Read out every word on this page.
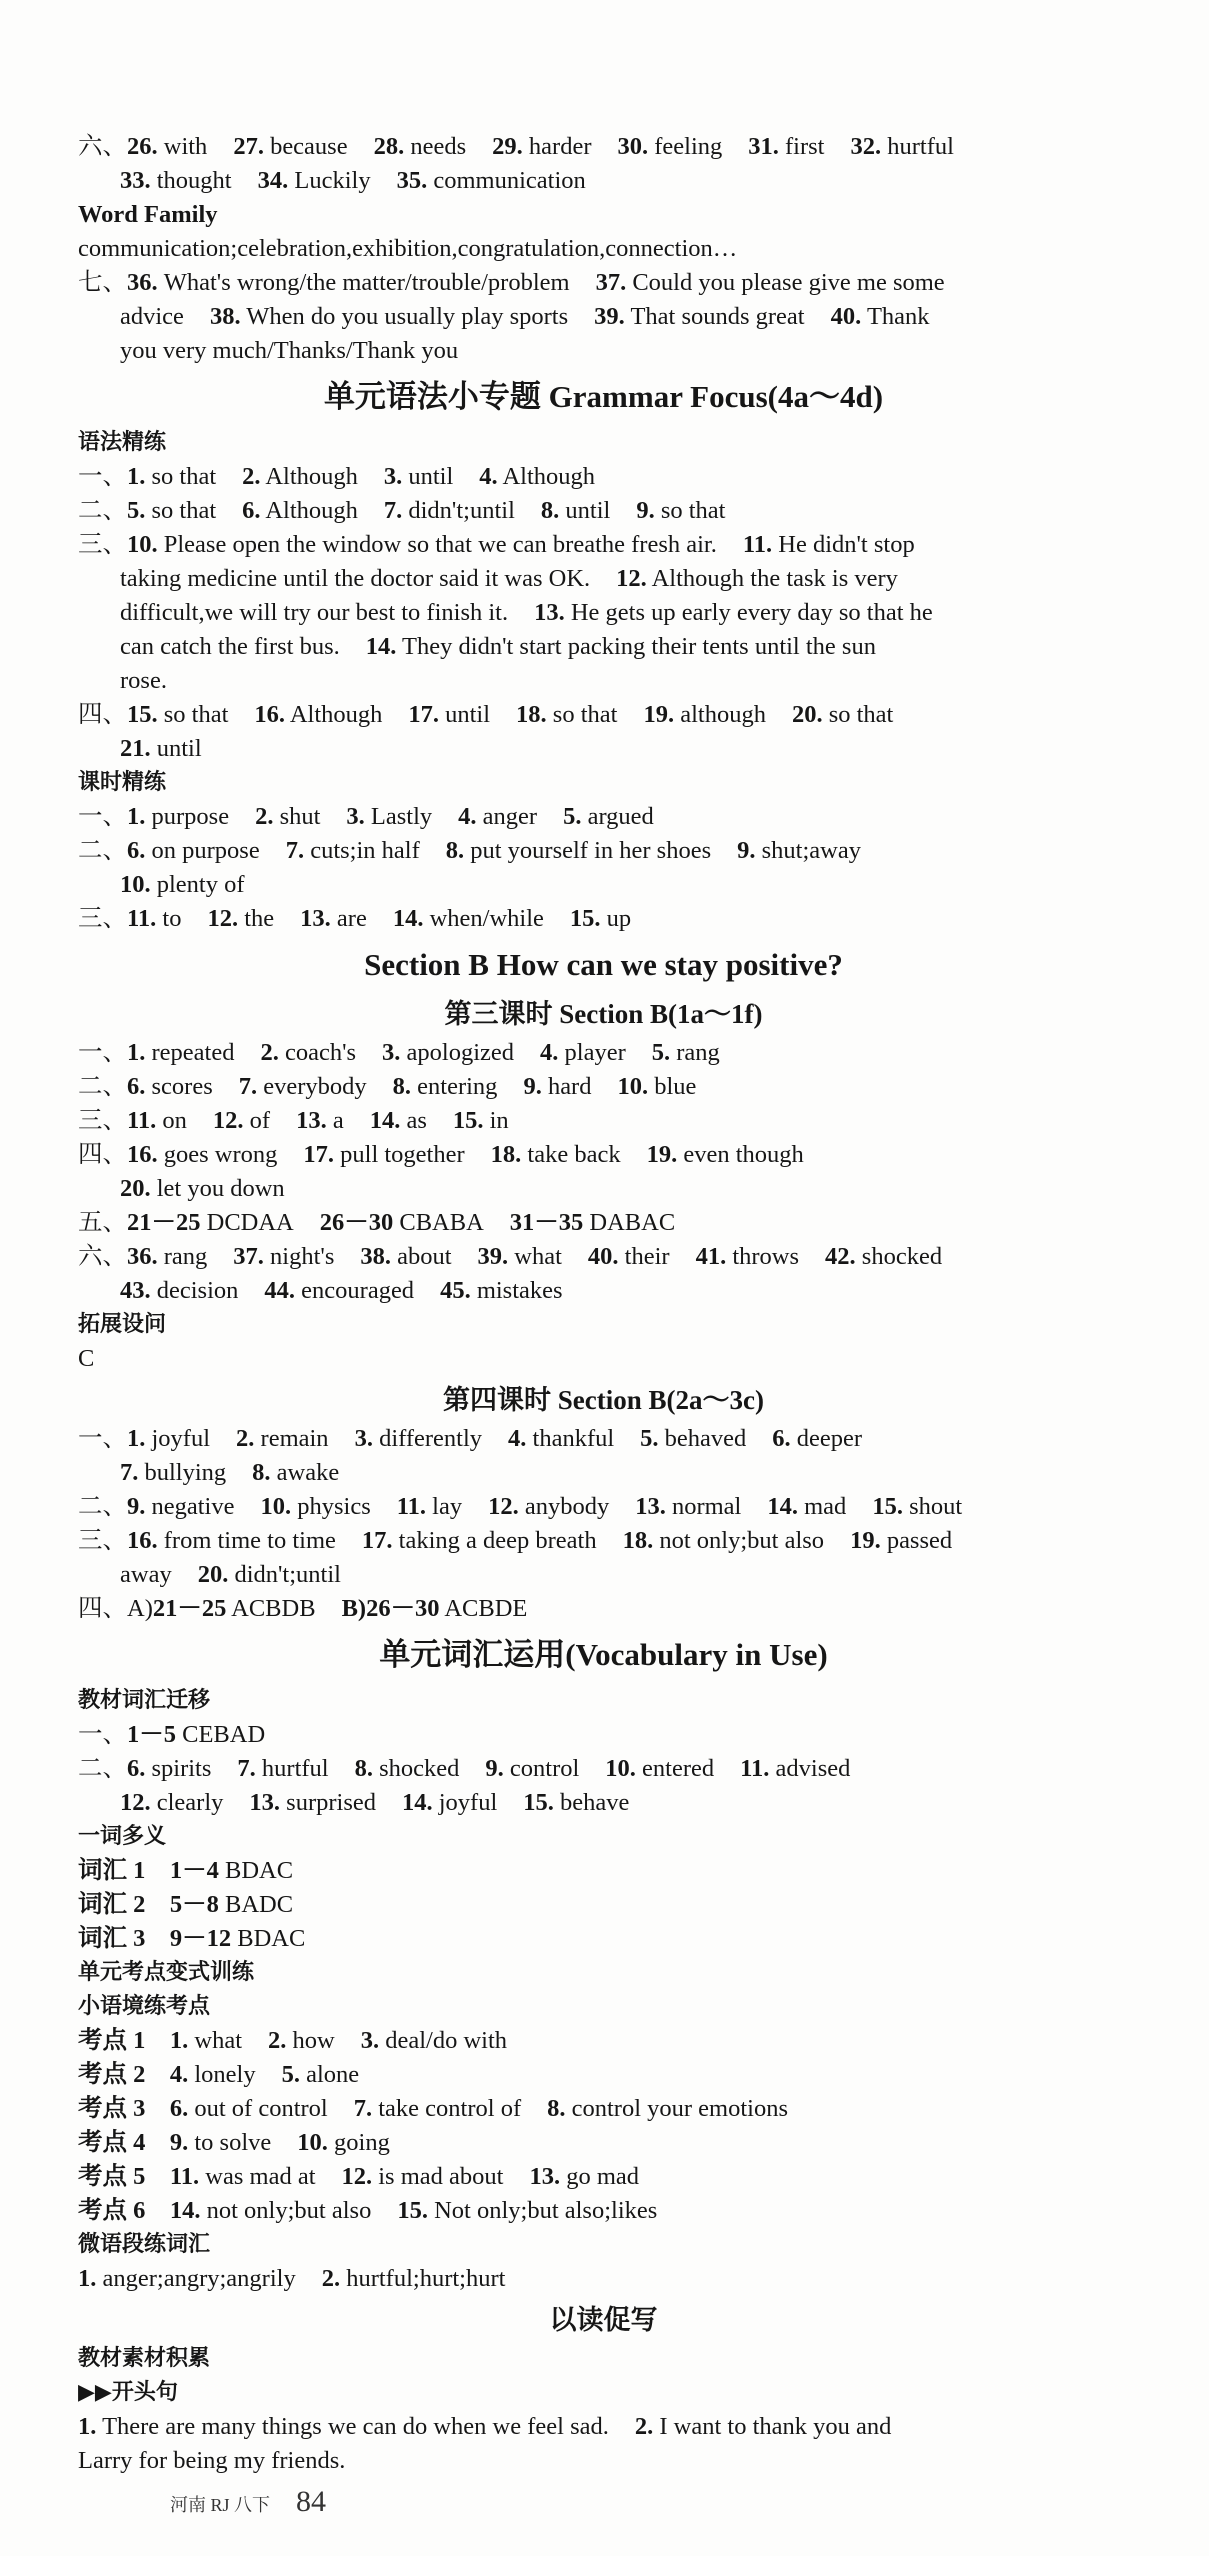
六、26. with 27. because 28. needs 29. harder 30. feeling 31. first 32. hurtful
33. thought 34. Luckily 35. communication
Word Family
communication;celebration,exhibition,congratulation,connection…
七、36. What's wrong/the matter/trouble/problem 37. Could you please give me some
advice 38. When do you usually play sports 39. That sounds great 40. Thank
you very much/Thanks/Thank you
单元语法小专题 Grammar Focus(4a～4d)
语法精练
一、1. so that 2. Although 3. until 4. Although
二、5. so that 6. Although 7. didn't;until 8. until 9. so that
三、10. Please open the window so that we can breathe fresh air. 11. He didn't stop
taking medicine until the doctor said it was OK. 12. Although the task is very
difficult,we will try our best to finish it. 13. He gets up early every day so that he
can catch the first bus. 14. They didn't start packing their tents until the sun
rose.
四、15. so that 16. Although 17. until 18. so that 19. although 20. so that
21. until
课时精练
一、1. purpose 2. shut 3. Lastly 4. anger 5. argued
二、6. on purpose 7. cuts;in half 8. put yourself in her shoes 9. shut;away
10. plenty of
三、11. to 12. the 13. are 14. when/while 15. up
Section B How can we stay positive?
第三课时 Section B(1a～1f)
一、1. repeated 2. coach's 3. apologized 4. player 5. rang
二、6. scores 7. everybody 8. entering 9. hard 10. blue
三、11. on 12. of 13. a 14. as 15. in
四、16. goes wrong 17. pull together 18. take back 19. even though
20. let you down
五、21－25 DCDAA 26－30 CBABA 31－35 DABAC
六、36. rang 37. night's 38. about 39. what 40. their 41. throws 42. shocked
43. decision 44. encouraged 45. mistakes
拓展设问
C
第四课时 Section B(2a～3c)
一、1. joyful 2. remain 3. differently 4. thankful 5. behaved 6. deeper
7. bullying 8. awake
二、9. negative 10. physics 11. lay 12. anybody 13. normal 14. mad 15. shout
三、16. from time to time 17. taking a deep breath 18. not only;but also 19. passed
away 20. didn't;until
四、A)21－25 ACBDB B)26－30 ACBDE
单元词汇运用(Vocabulary in Use)
教材词汇迁移
一、1－5 CEBAD
二、6. spirits 7. hurtful 8. shocked 9. control 10. entered 11. advised
12. clearly 13. surprised 14. joyful 15. behave
一词多义
词汇 1  1－4 BDAC
词汇 2  5－8 BADC
词汇 3  9－12 BDAC
单元考点变式训练
小语境练考点
考点 1  1. what 2. how 3. deal/do with
考点 2  4. lonely 5. alone
考点 3  6. out of control 7. take control of 8. control your emotions
考点 4  9. to solve 10. going
考点 5  11. was mad at 12. is mad about 13. go mad
考点 6  14. not only;but also 15. Not only;but also;likes
微语段练词汇
1. anger;angry;angrily 2. hurtful;hurt;hurt
以读促写
教材素材积累
▶▶开头句
1. There are many things we can do when we feel sad. 2. I want to thank you and
Larry for being my friends.
河南 RJ 八下 84
